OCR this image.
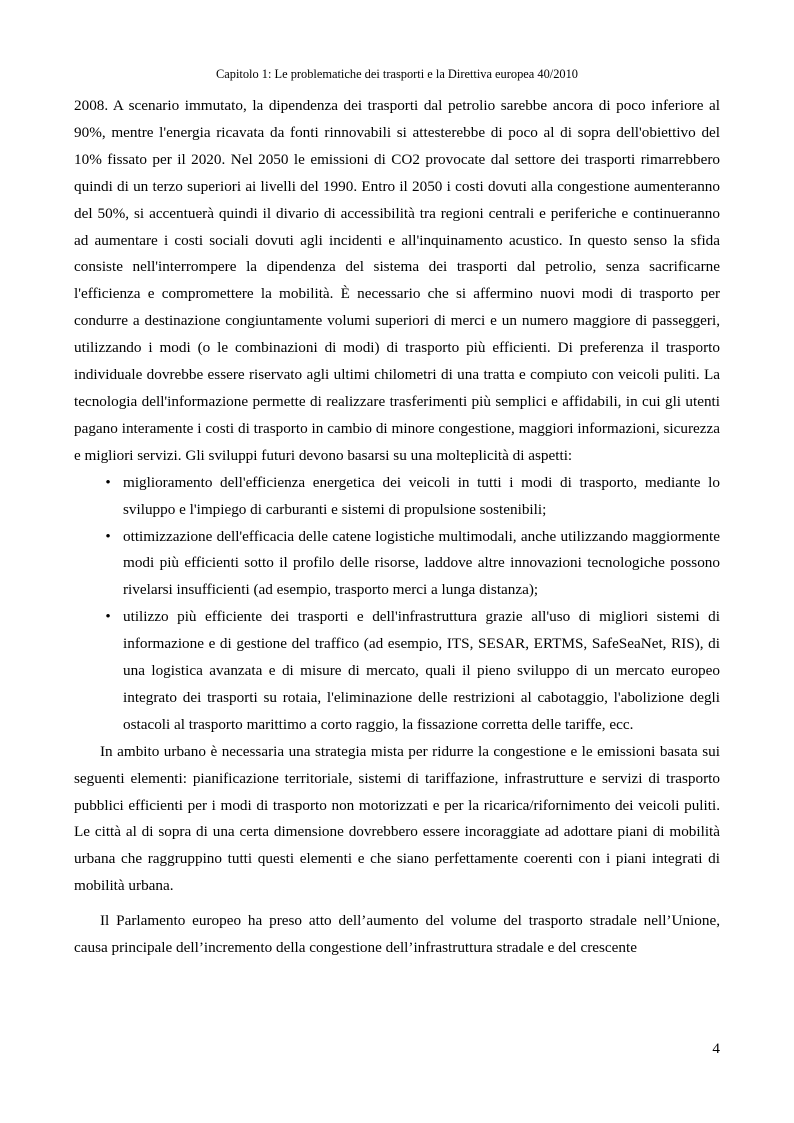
Capitolo 1: Le problematiche dei trasporti e la Direttiva europea 40/2010

2008. A scenario immutato, la dipendenza dei trasporti dal petrolio sarebbe ancora di poco inferiore al 90%, mentre l'energia ricavata da fonti rinnovabili si attesterebbe di poco al di sopra dell'obiettivo del 10% fissato per il 2020. Nel 2050 le emissioni di CO2 provocate dal settore dei trasporti rimarrebbero quindi di un terzo superiori ai livelli del 1990. Entro il 2050 i costi dovuti alla congestione aumenteranno del 50%, si accentuerà quindi il divario di accessibilità tra regioni centrali e periferiche e continueranno ad aumentare i costi sociali dovuti agli incidenti e all'inquinamento acustico. In questo senso la sfida consiste nell'interrompere la dipendenza del sistema dei trasporti dal petrolio, senza sacrificarne l'efficienza e compromettere la mobilità. È necessario che si affermino nuovi modi di trasporto per condurre a destinazione congiuntamente volumi superiori di merci e un numero maggiore di passeggeri, utilizzando i modi (o le combinazioni di modi) di trasporto più efficienti. Di preferenza il trasporto individuale dovrebbe essere riservato agli ultimi chilometri di una tratta e compiuto con veicoli puliti. La tecnologia dell'informazione permette di realizzare trasferimenti più semplici e affidabili, in cui gli utenti pagano interamente i costi di trasporto in cambio di minore congestione, maggiori informazioni, sicurezza e migliori servizi. Gli sviluppi futuri devono basarsi su una molteplicità di aspetti:

• miglioramento dell'efficienza energetica dei veicoli in tutti i modi di trasporto, mediante lo sviluppo e l'impiego di carburanti e sistemi di propulsione sostenibili;
• ottimizzazione dell'efficacia delle catene logistiche multimodali, anche utilizzando maggiormente modi più efficienti sotto il profilo delle risorse, laddove altre innovazioni tecnologiche possono rivelarsi insufficienti (ad esempio, trasporto merci a lunga distanza);
• utilizzo più efficiente dei trasporti e dell'infrastruttura grazie all'uso di migliori sistemi di informazione e di gestione del traffico (ad esempio, ITS, SESAR, ERTMS, SafeSeaNet, RIS), di una logistica avanzata e di misure di mercato, quali il pieno sviluppo di un mercato europeo integrato dei trasporti su rotaia, l'eliminazione delle restrizioni al cabotaggio, l'abolizione degli ostacoli al trasporto marittimo a corto raggio, la fissazione corretta delle tariffe, ecc.

In ambito urbano è necessaria una strategia mista per ridurre la congestione e le emissioni basata sui seguenti elementi: pianificazione territoriale, sistemi di tariffazione, infrastrutture e servizi di trasporto pubblici efficienti per i modi di trasporto non motorizzati e per la ricarica/rifornimento dei veicoli puliti. Le città al di sopra di una certa dimensione dovrebbero essere incoraggiate ad adottare piani di mobilità urbana che raggruppino tutti questi elementi e che siano perfettamente coerenti con i piani integrati di mobilità urbana.

Il Parlamento europeo ha preso atto dell’aumento del volume del trasporto stradale nell’Unione, causa principale dell’incremento della congestione dell’infrastruttura stradale e del crescente

4
